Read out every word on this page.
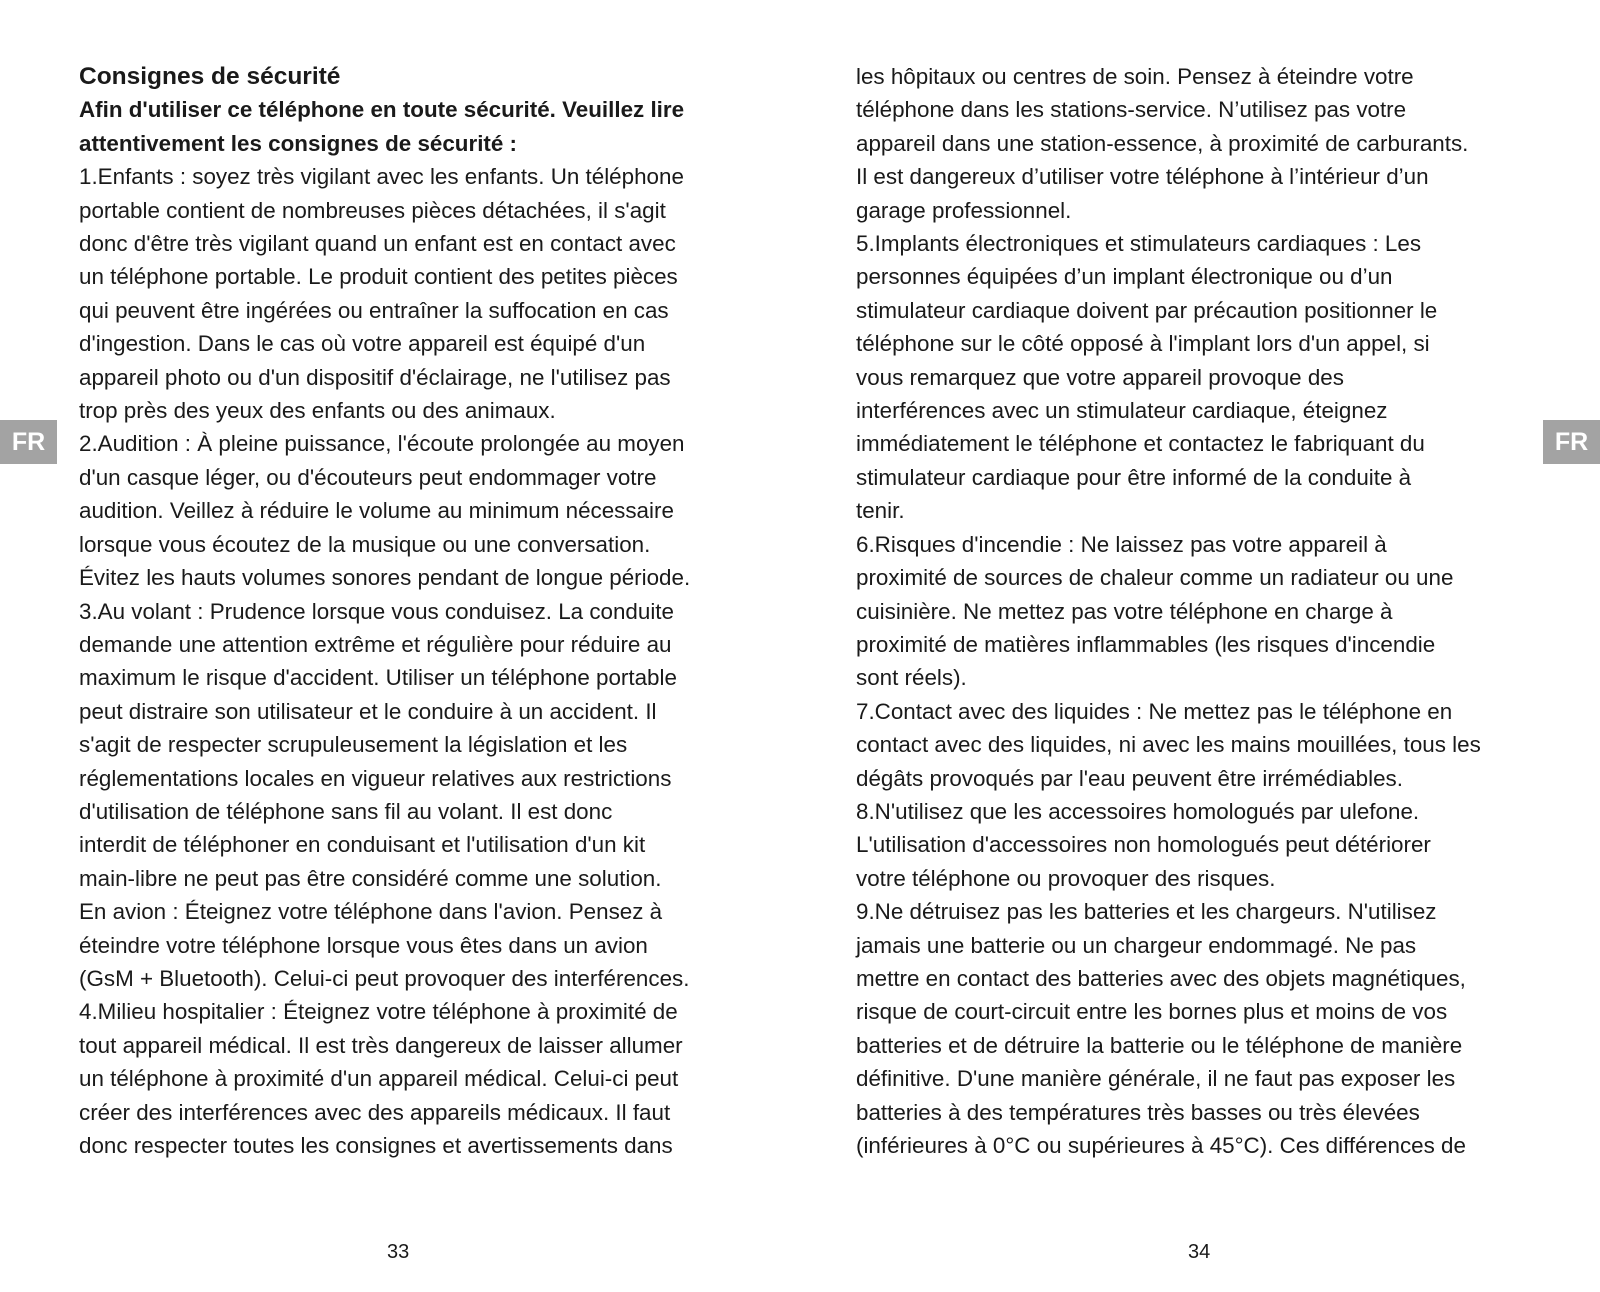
FR
Consignes de sécurité
Afin d'utiliser ce téléphone en toute sécurité. Veuillez lire
attentivement les consignes de sécurité :
1.Enfants : soyez très vigilant avec les enfants. Un téléphone
portable contient de nombreuses pièces détachées, il s'agit
donc d'être très vigilant quand un enfant est en contact avec
un téléphone portable. Le produit contient des petites pièces
qui peuvent être ingérées ou entraîner la suffocation en cas
d'ingestion. Dans le cas où votre appareil est équipé d'un
appareil photo ou d'un dispositif d'éclairage, ne l'utilisez pas
trop près des yeux des enfants ou des animaux.
2.Audition : À pleine puissance, l'écoute prolongée au moyen
d'un casque léger, ou d'écouteurs peut endommager votre
audition. Veillez à réduire le volume au minimum nécessaire
lorsque vous écoutez de la musique ou une conversation.
Évitez les hauts volumes sonores pendant de longue période.
3.Au volant : Prudence lorsque vous conduisez. La conduite
demande une attention extrême et régulière pour réduire au
maximum le risque d'accident. Utiliser un téléphone portable
peut distraire son utilisateur et le conduire à un accident. Il
s'agit de respecter scrupuleusement la législation et les
réglementations locales en vigueur relatives aux restrictions
d'utilisation de téléphone sans fil au volant. Il est donc
interdit de téléphoner en conduisant et l'utilisation d'un kit
main-libre ne peut pas être considéré comme une solution.
En avion : Éteignez votre téléphone dans l'avion. Pensez à
éteindre votre téléphone lorsque vous êtes dans un avion
(GsM + Bluetooth). Celui-ci peut provoquer des interférences.
4.Milieu hospitalier : Éteignez votre téléphone à proximité de
tout appareil médical. Il est très dangereux de laisser allumer
un téléphone à proximité d'un appareil médical. Celui-ci peut
créer des interférences avec des appareils médicaux. Il faut
donc respecter toutes les consignes et avertissements dans
33
FR
les hôpitaux ou centres de soin. Pensez à éteindre votre
téléphone dans les stations-service. N’utilisez pas votre
appareil dans une station-essence, à proximité de carburants.
Il est dangereux d’utiliser votre téléphone à l’intérieur d’un
garage professionnel.
5.Implants électroniques et stimulateurs cardiaques : Les
personnes équipées d’un implant électronique ou d’un
stimulateur cardiaque doivent par précaution positionner le
téléphone sur le côté opposé à l'implant lors d'un appel, si
vous remarquez que votre appareil provoque des
interférences avec un stimulateur cardiaque, éteignez
immédiatement le téléphone et contactez le fabriquant du
stimulateur cardiaque pour être informé de la conduite à
tenir.
6.Risques d'incendie : Ne laissez pas votre appareil à
proximité de sources de chaleur comme un radiateur ou une
cuisinière. Ne mettez pas votre téléphone en charge à
proximité de matières inflammables (les risques d'incendie
sont réels).
7.Contact avec des liquides : Ne mettez pas le téléphone en
contact avec des liquides, ni avec les mains mouillées, tous les
dégâts provoqués par l'eau peuvent être irrémédiables.
8.N'utilisez que les accessoires homologués par ulefone.
L'utilisation d'accessoires non homologués peut détériorer
votre téléphone ou provoquer des risques.
9.Ne détruisez pas les batteries et les chargeurs. N'utilisez
jamais une batterie ou un chargeur endommagé. Ne pas
mettre en contact des batteries avec des objets magnétiques,
risque de court-circuit entre les bornes plus et moins de vos
batteries et de détruire la batterie ou le téléphone de manière
définitive. D'une manière générale, il ne faut pas exposer les
batteries à des températures très basses ou très élevées
(inférieures à 0°C ou supérieures à 45°C). Ces différences de
34
